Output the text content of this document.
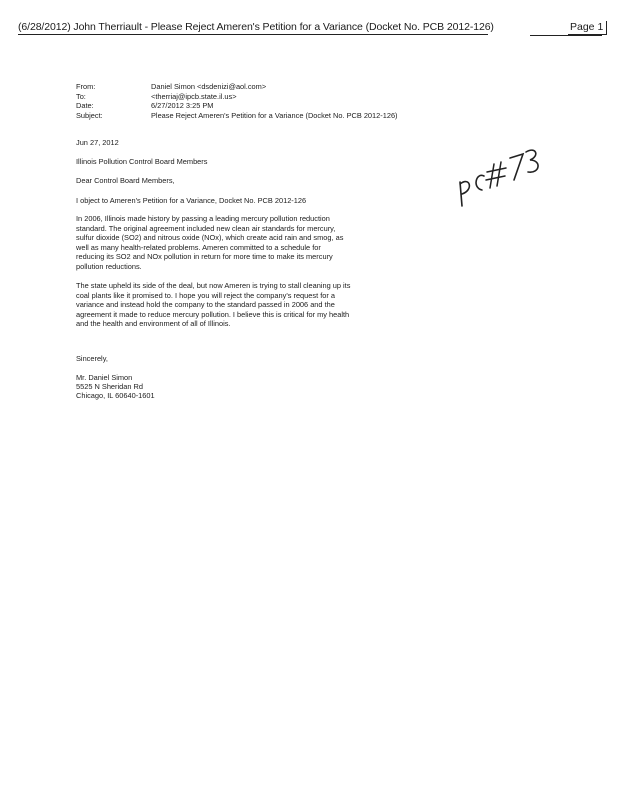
(6/28/2012) John Therriault - Please Reject Ameren's Petition for a Variance (Docket No. PCB 2012-126)	Page 1
From:	Daniel Simon <dsdenizi@aol.com>
To:	<therriaj@ipcb.state.il.us>
Date:	6/27/2012 3:25 PM
Subject:	Please Reject Ameren's Petition for a Variance (Docket No. PCB 2012-126)
Jun 27, 2012
Illinois Pollution Control Board Members
Dear Control Board Members,
I object to Ameren's Petition for a Variance, Docket No. PCB 2012-126

In 2006, Illinois made history by passing a leading mercury pollution reduction standard. The original agreement included new clean air standards for mercury, sulfur dioxide (SO2) and nitrous oxide (NOx), which create acid rain and smog, as well as many health-related problems. Ameren committed to a schedule for reducing its SO2 and NOx pollution in return for more time to make its mercury pollution reductions.

The state upheld its side of the deal, but now Ameren is trying to stall cleaning up its coal plants like it promised to. I hope you will reject the company's request for a variance and instead hold the company to the standard passed in 2006 and the agreement it made to reduce mercury pollution. I believe this is critical for my health and the health and environment of all of Illinois.

Sincerely,
Mr. Daniel Simon
5525 N Sheridan Rd
Chicago, IL 60640-1601
